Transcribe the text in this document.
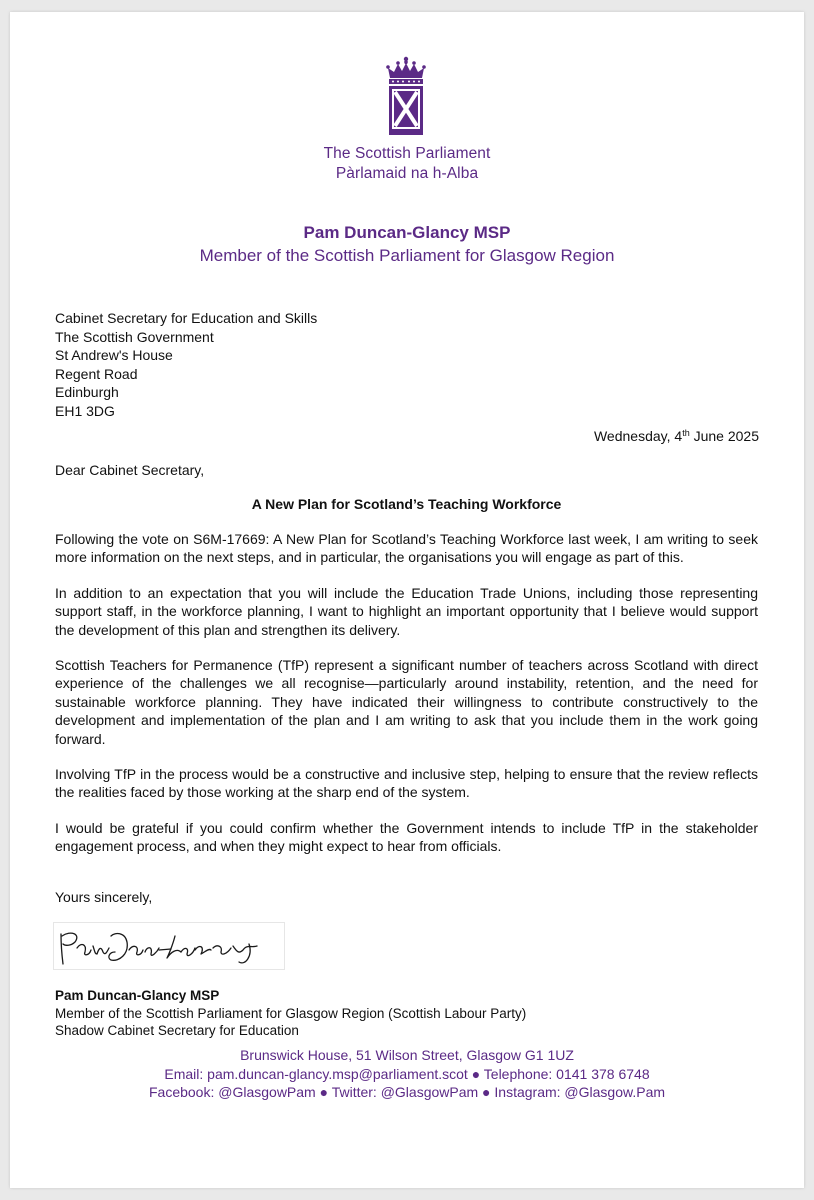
The Scottish Parliament
Pàrlamaid na h-Alba
Pam Duncan-Glancy MSP
Member of the Scottish Parliament for Glasgow Region
Cabinet Secretary for Education and Skills
The Scottish Government
St Andrew's House
Regent Road
Edinburgh
EH1 3DG
Wednesday, 4th June 2025
Dear Cabinet Secretary,
A New Plan for Scotland’s Teaching Workforce

Following the vote on S6M-17669: A New Plan for Scotland’s Teaching Workforce last week, I am writing to seek more information on the next steps, and in particular, the organisations you will engage as part of this.

In addition to an expectation that you will include the Education Trade Unions, including those representing support staff, in the workforce planning, I want to highlight an important opportunity that I believe would support the development of this plan and strengthen its delivery.

Scottish Teachers for Permanence (TfP) represent a significant number of teachers across Scotland with direct experience of the challenges we all recognise—particularly around instability, retention, and the need for sustainable workforce planning. They have indicated their willingness to contribute constructively to the development and implementation of the plan and I am writing to ask that you include them in the work going forward.

Involving TfP in the process would be a constructive and inclusive step, helping to ensure that the review reflects the realities faced by those working at the sharp end of the system.

I would be grateful if you could confirm whether the Government intends to include TfP in the stakeholder engagement process, and when they might expect to hear from officials.

Yours sincerely,
Pam Duncan-Glancy MSP
Member of the Scottish Parliament for Glasgow Region (Scottish Labour Party)
Shadow Cabinet Secretary for Education
Brunswick House, 51 Wilson Street, Glasgow G1 1UZ
Email: pam.duncan-glancy.msp@parliament.scot ● Telephone: 0141 378 6748
Facebook: @GlasgowPam ● Twitter: @GlasgowPam ● Instagram: @Glasgow.Pam
